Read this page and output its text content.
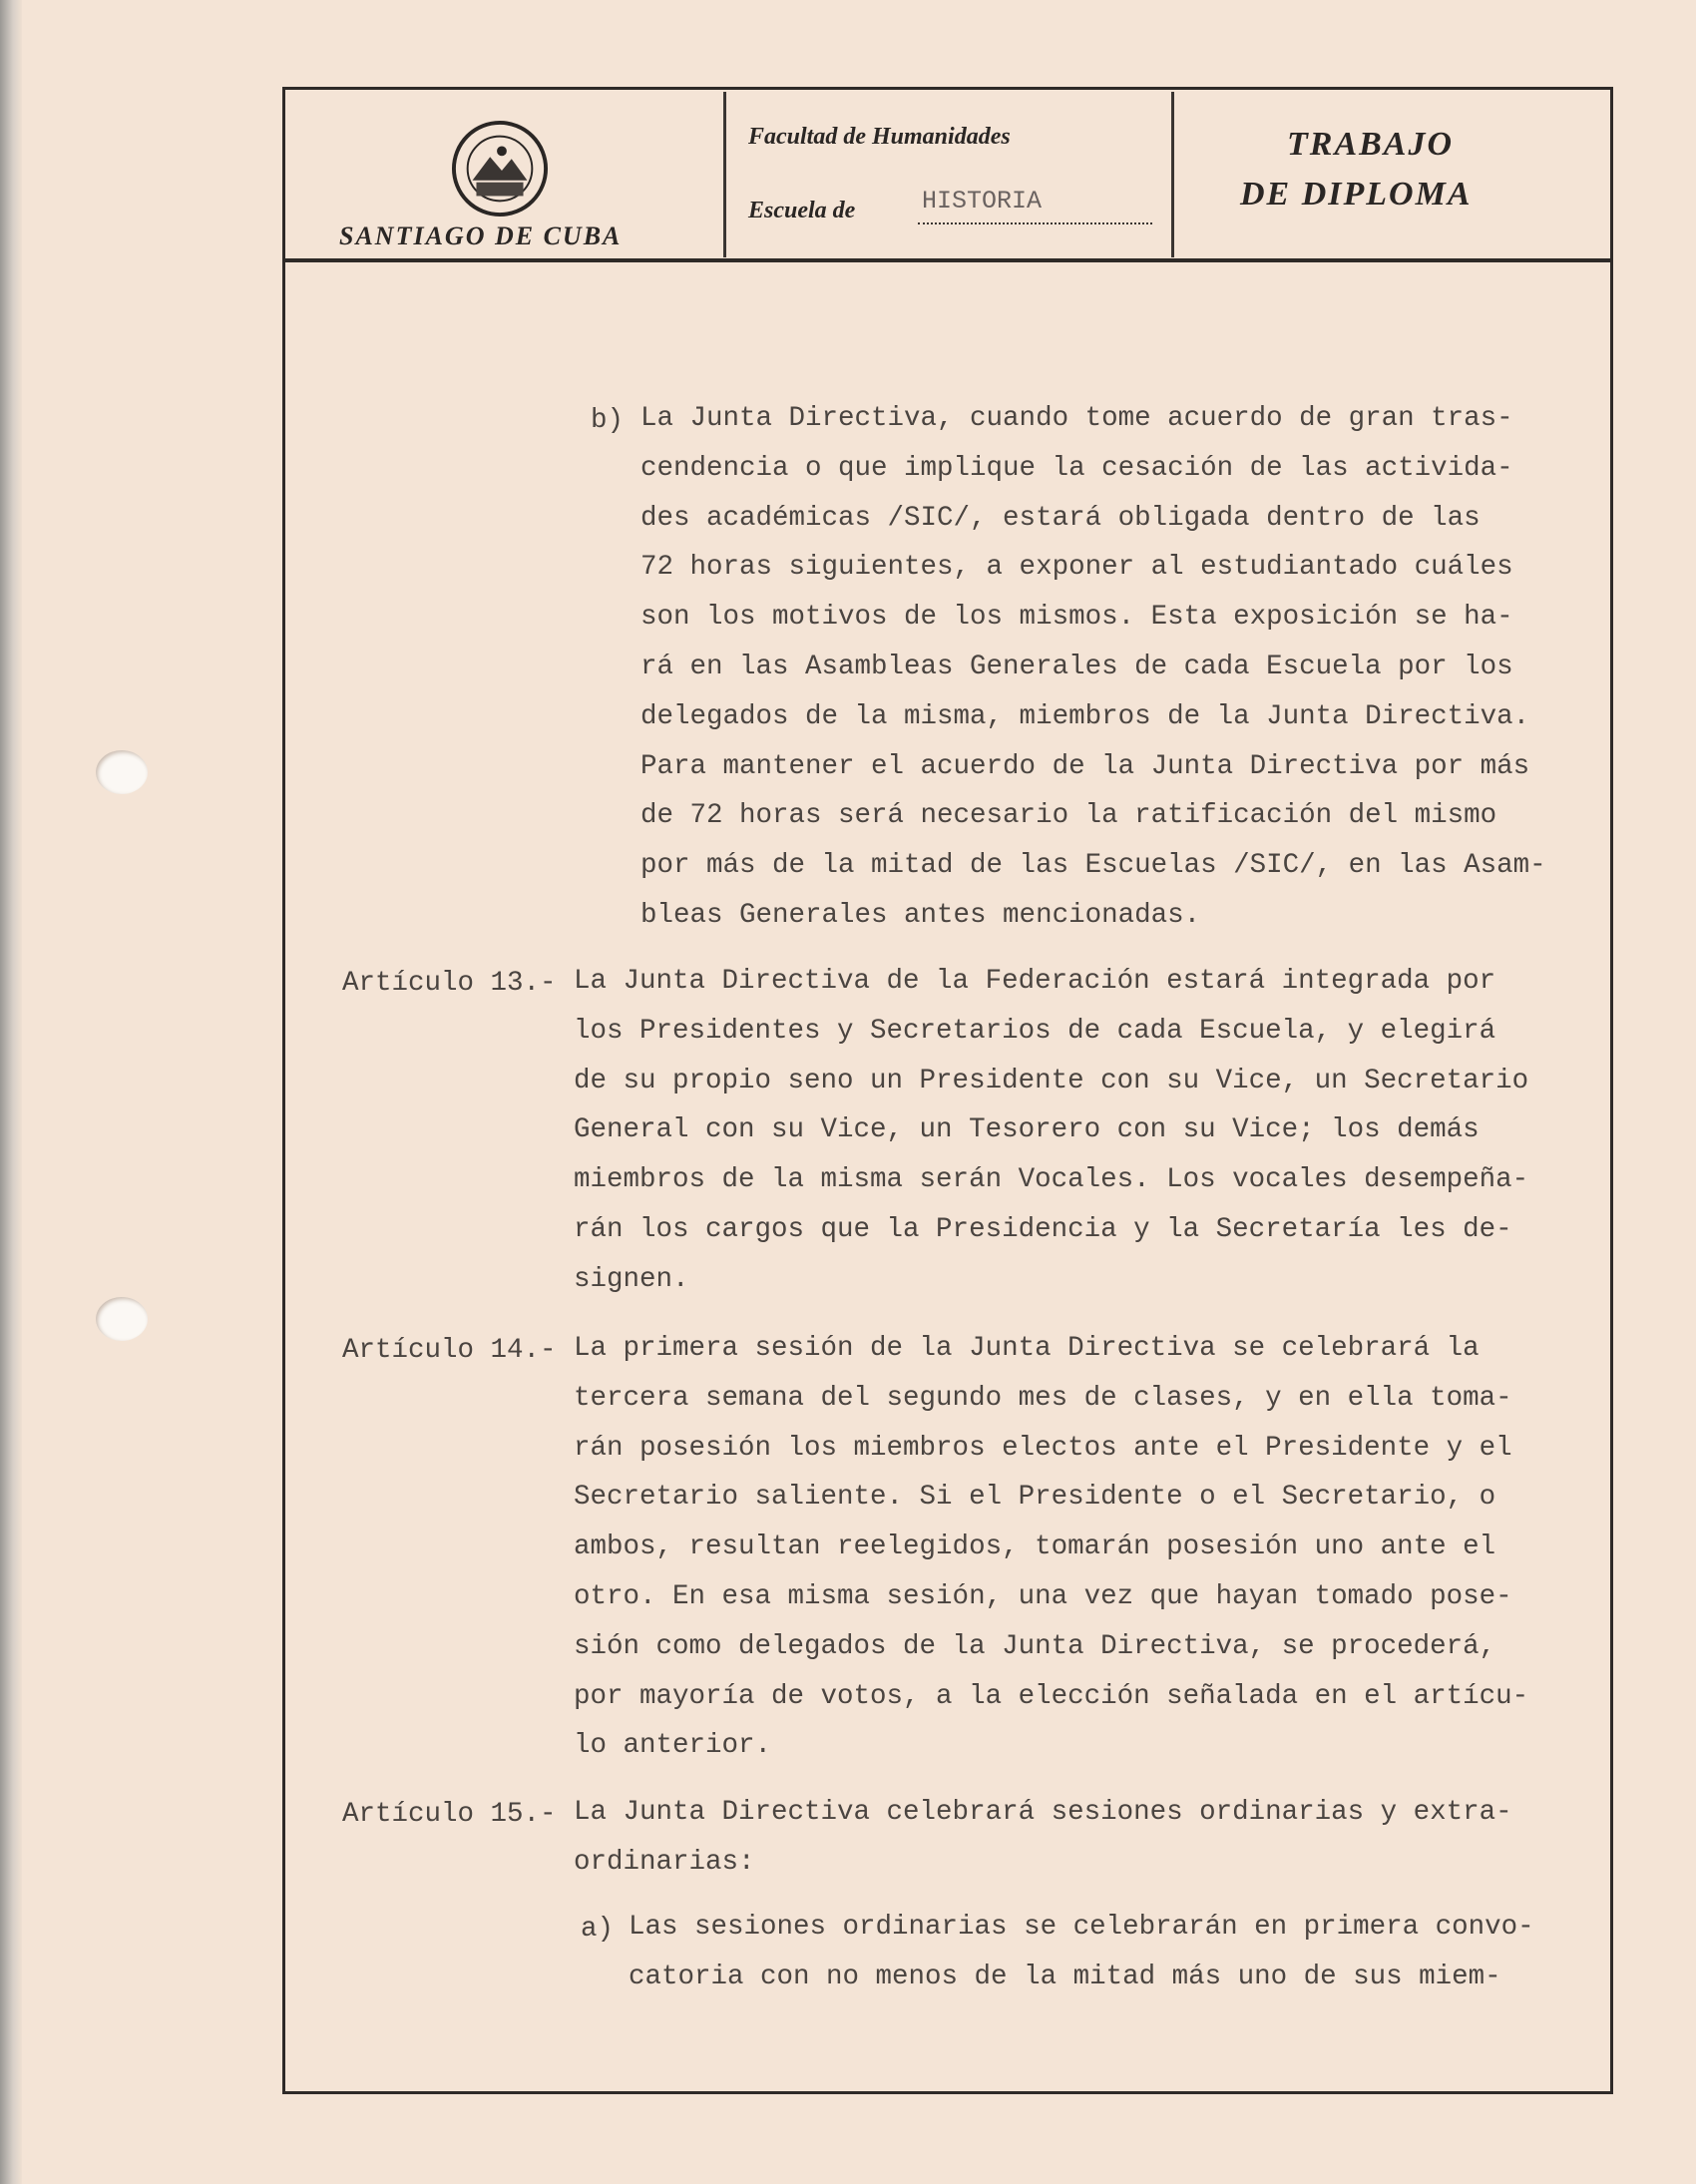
SANTIAGO DE CUBA
Facultad de Humanidades
Escuela de	HISTORIA
TRABAJO
DE DIPLOMA
b) La Junta Directiva, cuando tome acuerdo de gran tras-
cendencia o que implique la cesación de las activida-
des académicas /SIC/, estará obligada dentro de las
72 horas siguientes, a exponer al estudiantado cuáles
son los motivos de los mismos. Esta exposición se ha-
rá en las Asambleas Generales de cada Escuela por los
delegados de la misma, miembros de la Junta Directiva.
Para mantener el acuerdo de la Junta Directiva por más
de 72 horas será necesario la ratificación del mismo
por más de la mitad de las Escuelas /SIC/, en las Asam-
bleas Generales antes mencionadas.
Artículo 13.- La Junta Directiva de la Federación estará integrada por
los Presidentes y Secretarios de cada Escuela, y elegirá
de su propio seno un Presidente con su Vice, un Secretario
General con su Vice, un Tesorero con su Vice; los demás
miembros de la misma serán Vocales. Los vocales desempeña-
rán los cargos que la Presidencia y la Secretaría les de-
signen.
Artículo 14.- La primera sesión de la Junta Directiva se celebrará la
tercera semana del segundo mes de clases, y en ella toma-
rán posesión los miembros electos ante el Presidente y el
Secretario saliente. Si el Presidente o el Secretario, o
ambos, resultan reelegidos, tomarán posesión uno ante el
otro. En esa misma sesión, una vez que hayan tomado pose-
sión como delegados de la Junta Directiva, se procederá,
por mayoría de votos, a la elección señalada en el artícu-
lo anterior.
Artículo 15.- La Junta Directiva celebrará sesiones ordinarias y extra-
ordinarias:
a) Las sesiones ordinarias se celebrarán en primera convo-
catoria con no menos de la mitad más uno de sus miem-
